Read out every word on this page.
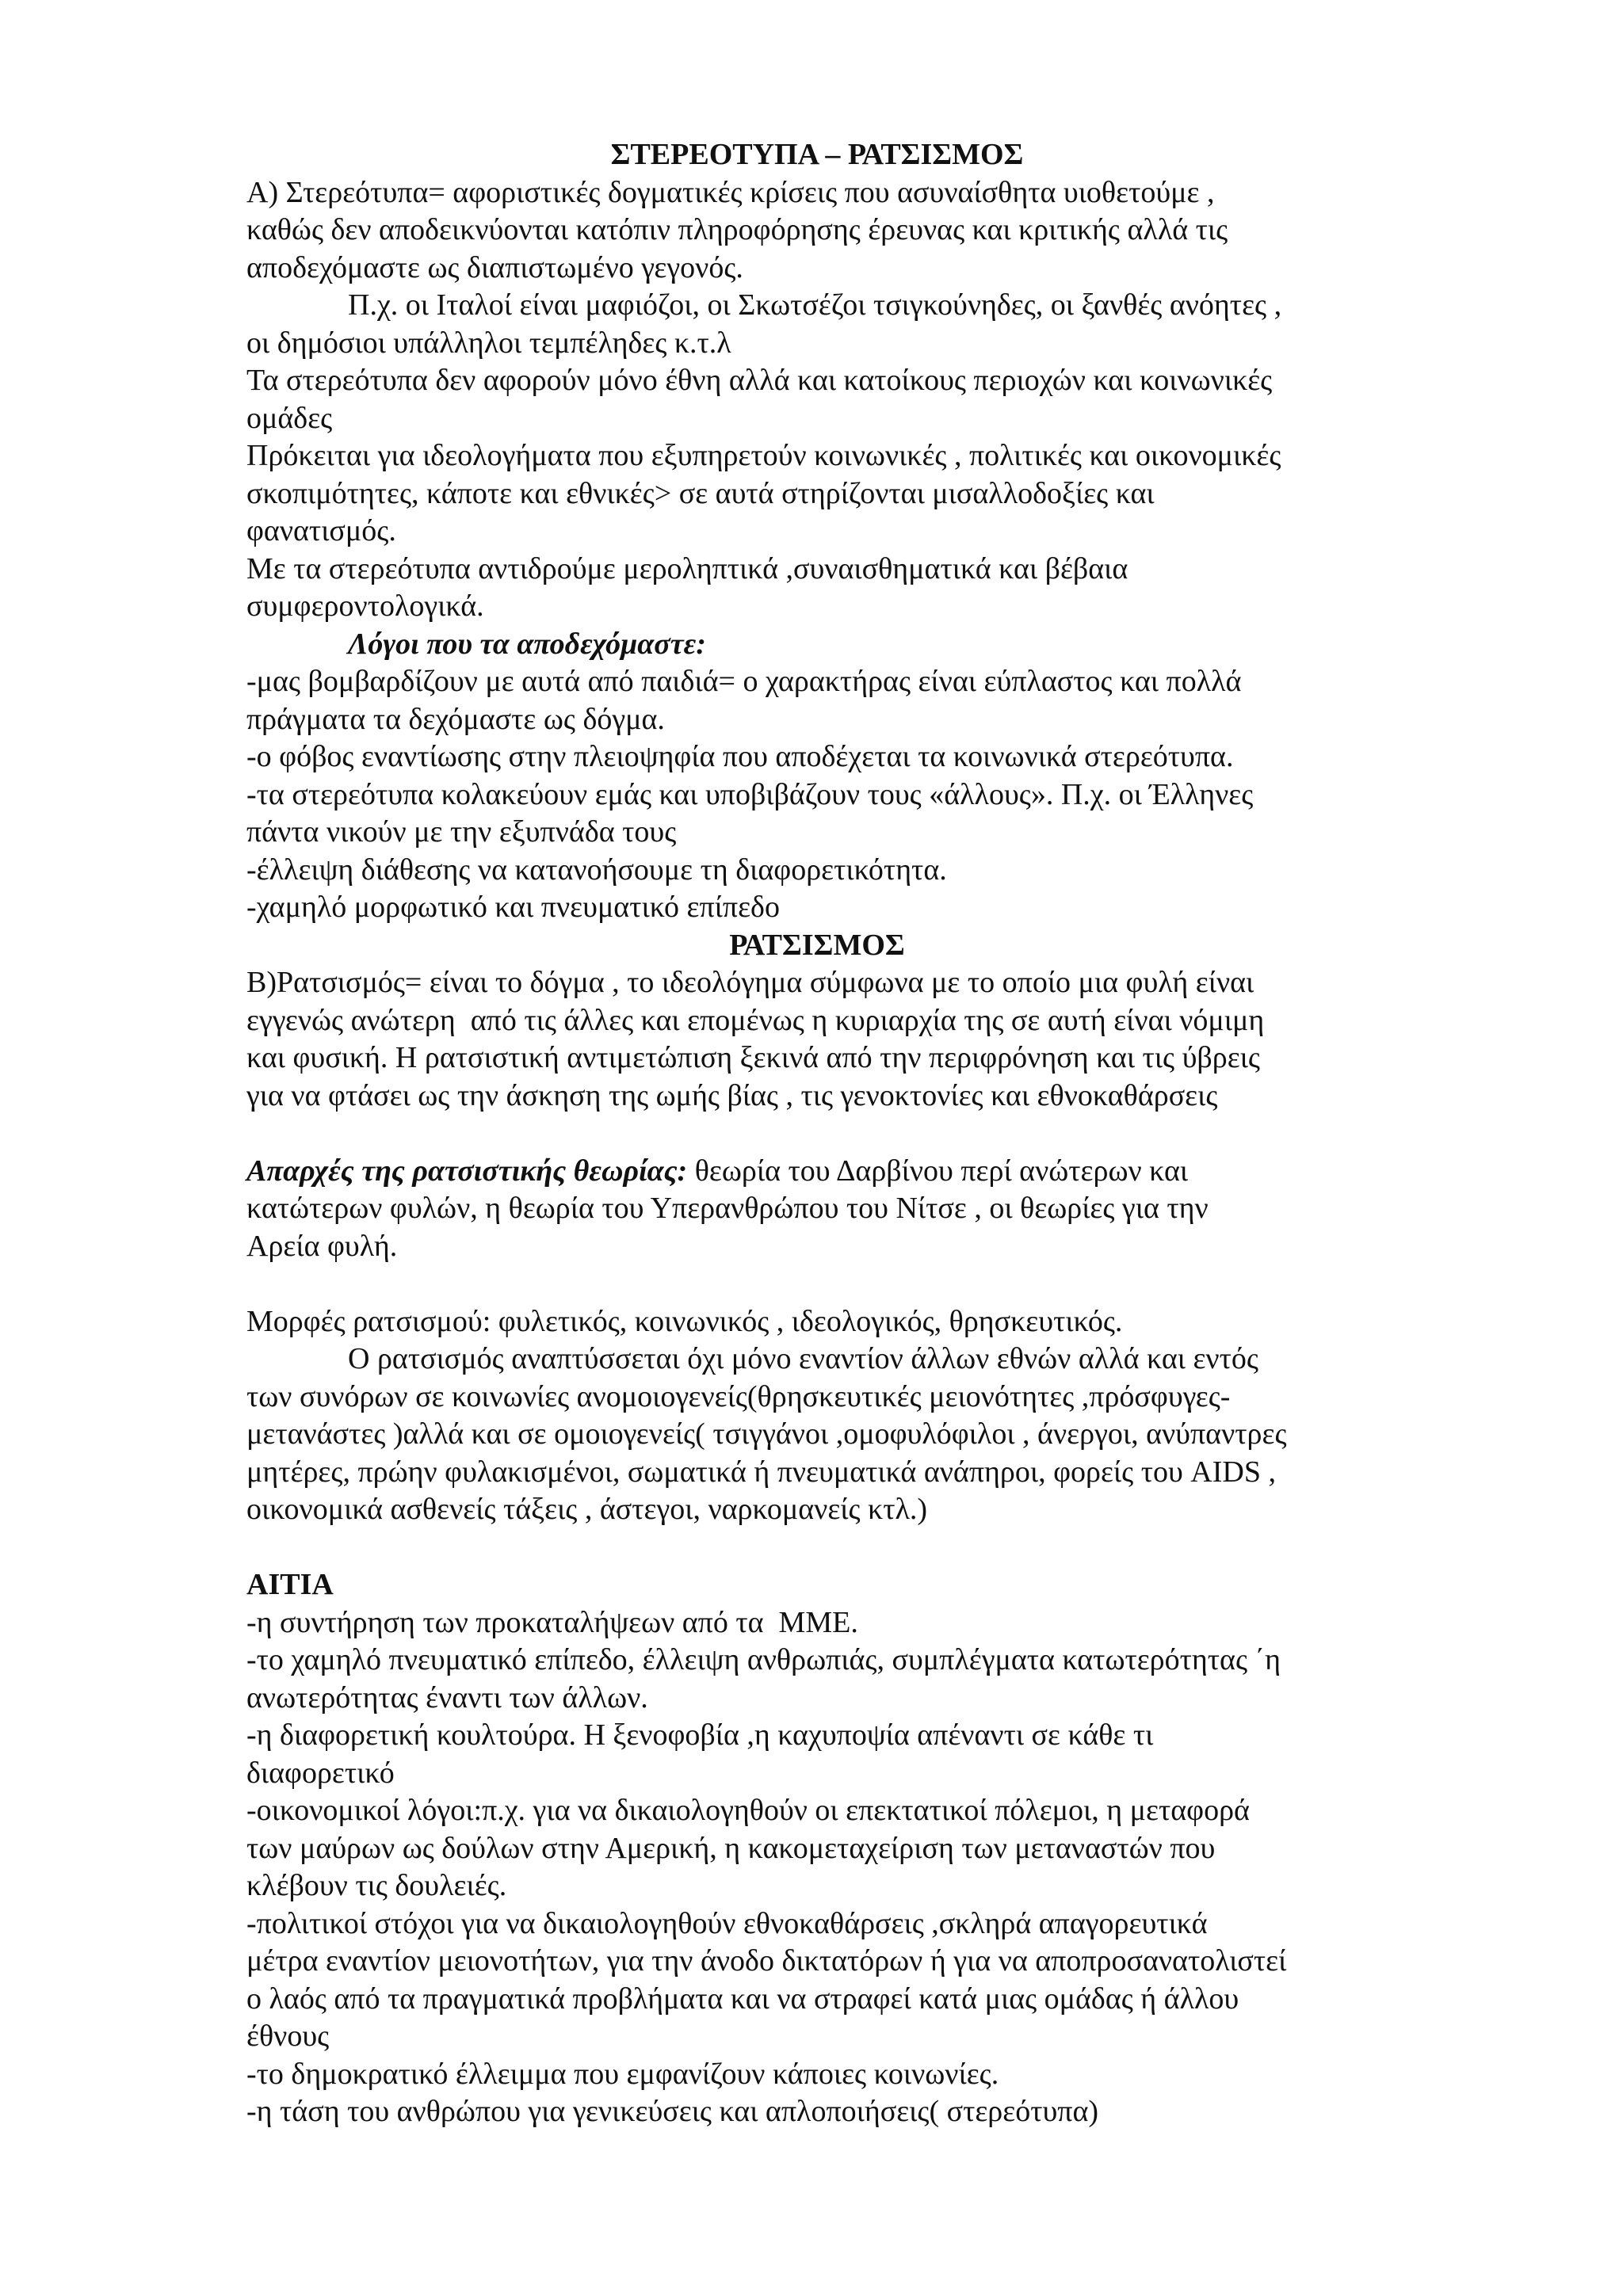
ΣΤΕΡΕΟΤΥΠΑ – ΡΑΤΣΙΣΜΟΣ
Α) Στερεότυπα= αφοριστικές δογματικές κρίσεις που ασυναίσθητα υιοθετούμε ,
καθώς δεν αποδεικνύονται κατόπιν πληροφόρησης έρευνας και κριτικής αλλά τις
αποδεχόμαστε ως διαπιστωμένο γεγονός.
Π.χ. οι Ιταλοί είναι μαφιόζοι, οι Σκωτσέζοι τσιγκούνηδες, οι ξανθές ανόητες ,
οι δημόσιοι υπάλληλοι τεμπέληδες κ.τ.λ
Τα στερεότυπα δεν αφορούν μόνο έθνη αλλά και κατοίκους περιοχών και κοινωνικές
ομάδες
Πρόκειται για ιδεολογήματα που εξυπηρετούν κοινωνικές , πολιτικές και οικονομικές
σκοπιμότητες, κάποτε και εθνικές> σε αυτά στηρίζονται μισαλλοδοξίες και
φανατισμός.
Με τα στερεότυπα αντιδρούμε μεροληπτικά ,συναισθηματικά και βέβαια
συμφεροντολογικά.
Λόγοι που τα αποδεχόμαστε:
-μας βομβαρδίζουν με αυτά από παιδιά= ο χαρακτήρας είναι εύπλαστος και πολλά
πράγματα τα δεχόμαστε ως δόγμα.
-ο φόβος εναντίωσης στην πλειοψηφία που αποδέχεται τα κοινωνικά στερεότυπα.
-τα στερεότυπα κολακεύουν εμάς και υποβιβάζουν τους «άλλους». Π.χ. οι Έλληνες
πάντα νικούν με την εξυπνάδα τους
-έλλειψη διάθεσης να κατανοήσουμε τη διαφορετικότητα.
-χαμηλό μορφωτικό και πνευματικό επίπεδο
ΡΑΤΣΙΣΜΟΣ
Β)Ρατσισμός= είναι το δόγμα , το ιδεολόγημα σύμφωνα με το οποίο μια φυλή είναι
εγγενώς ανώτερη  από τις άλλες και επομένως η κυριαρχία της σε αυτή είναι νόμιμη
και φυσική. Η ρατσιστική αντιμετώπιση ξεκινά από την περιφρόνηση και τις ύβρεις
για να φτάσει ως την άσκηση της ωμής βίας , τις γενοκτονίες και εθνοκαθάρσεις
Απαρχές της ρατσιστικής θεωρίας: θεωρία του Δαρβίνου περί ανώτερων και
κατώτερων φυλών, η θεωρία του Υπερανθρώπου του Νίτσε , οι θεωρίες για την
Αρεία φυλή.
Μορφές ρατσισμού: φυλετικός, κοινωνικός , ιδεολογικός, θρησκευτικός.
Ο ρατσισμός αναπτύσσεται όχι μόνο εναντίον άλλων εθνών αλλά και εντός
των συνόρων σε κοινωνίες ανομοιογενείς(θρησκευτικές μειονότητες ,πρόσφυγες-
μετανάστες )αλλά και σε ομοιογενείς( τσιγγάνοι ,ομοφυλόφιλοι , άνεργοι, ανύπαντρες
μητέρες, πρώην φυλακισμένοι, σωματικά ή πνευματικά ανάπηροι, φορείς του AIDS ,
οικονομικά ασθενείς τάξεις , άστεγοι, ναρκομανείς κτλ.)
ΑΙΤΙΑ
-η συντήρηση των προκαταλήψεων από τα  ΜΜΕ.
-το χαμηλό πνευματικό επίπεδο, έλλειψη ανθρωπιάς, συμπλέγματα κατωτερότητας ΄η
ανωτερότητας έναντι των άλλων.
-η διαφορετική κουλτούρα. Η ξενοφοβία ,η καχυποψία απέναντι σε κάθε τι
διαφορετικό
-οικονομικοί λόγοι:π.χ. για να δικαιολογηθούν οι επεκτατικοί πόλεμοι, η μεταφορά
των μαύρων ως δούλων στην Αμερική, η κακομεταχείριση των μεταναστών που
κλέβουν τις δουλειές.
-πολιτικοί στόχοι για να δικαιολογηθούν εθνοκαθάρσεις ,σκληρά απαγορευτικά
μέτρα εναντίον μειονοτήτων, για την άνοδο δικτατόρων ή για να αποπροσανατολιστεί
ο λαός από τα πραγματικά προβλήματα και να στραφεί κατά μιας ομάδας ή άλλου
έθνους
-το δημοκρατικό έλλειμμα που εμφανίζουν κάποιες κοινωνίες.
-η τάση του ανθρώπου για γενικεύσεις και απλοποιήσεις( στερεότυπα)
